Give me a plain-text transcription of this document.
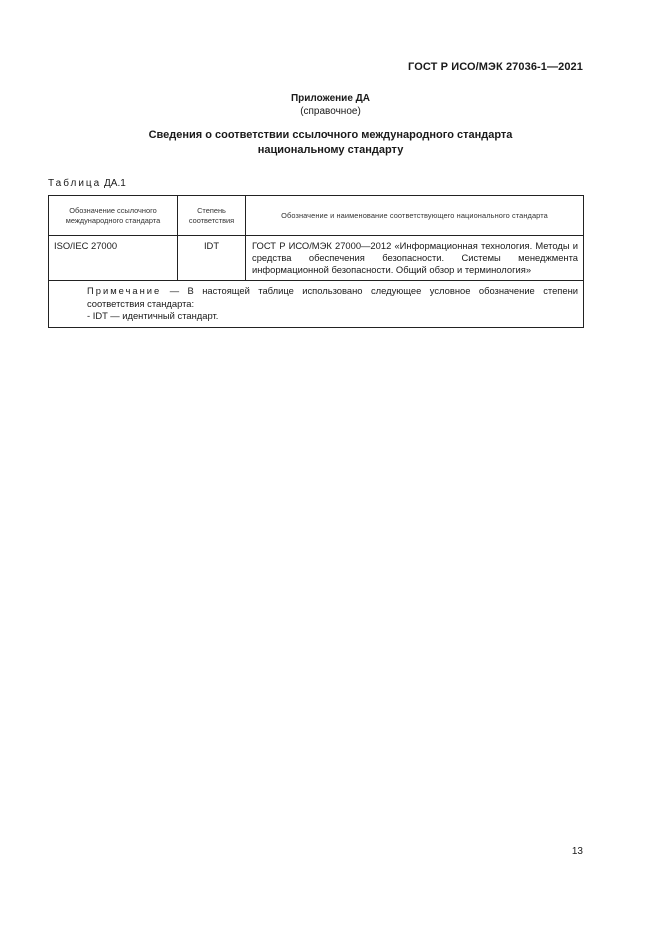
ГОСТ Р ИСО/МЭК 27036-1—2021
Приложение ДА
(справочное)
Сведения о соответствии ссылочного международного стандарта
национальному стандарту
Таблица ДА.1
Обозначение ссылочного международного стандарта	Степень соответствия	Обозначение и наименование соответствующего национального стандарта
ISO/IEC 27000	IDT	ГОСТ Р ИСО/МЭК 27000—2012 «Информационная технология. Методы и средства обеспечения безопасности. Системы менеджмента информационной безопасности. Общий обзор и терминология»

Примечание — В настоящей таблице использовано следующее условное обозначение степени соответствия стандарта:

- IDT — идентичный стандарт.		

13
